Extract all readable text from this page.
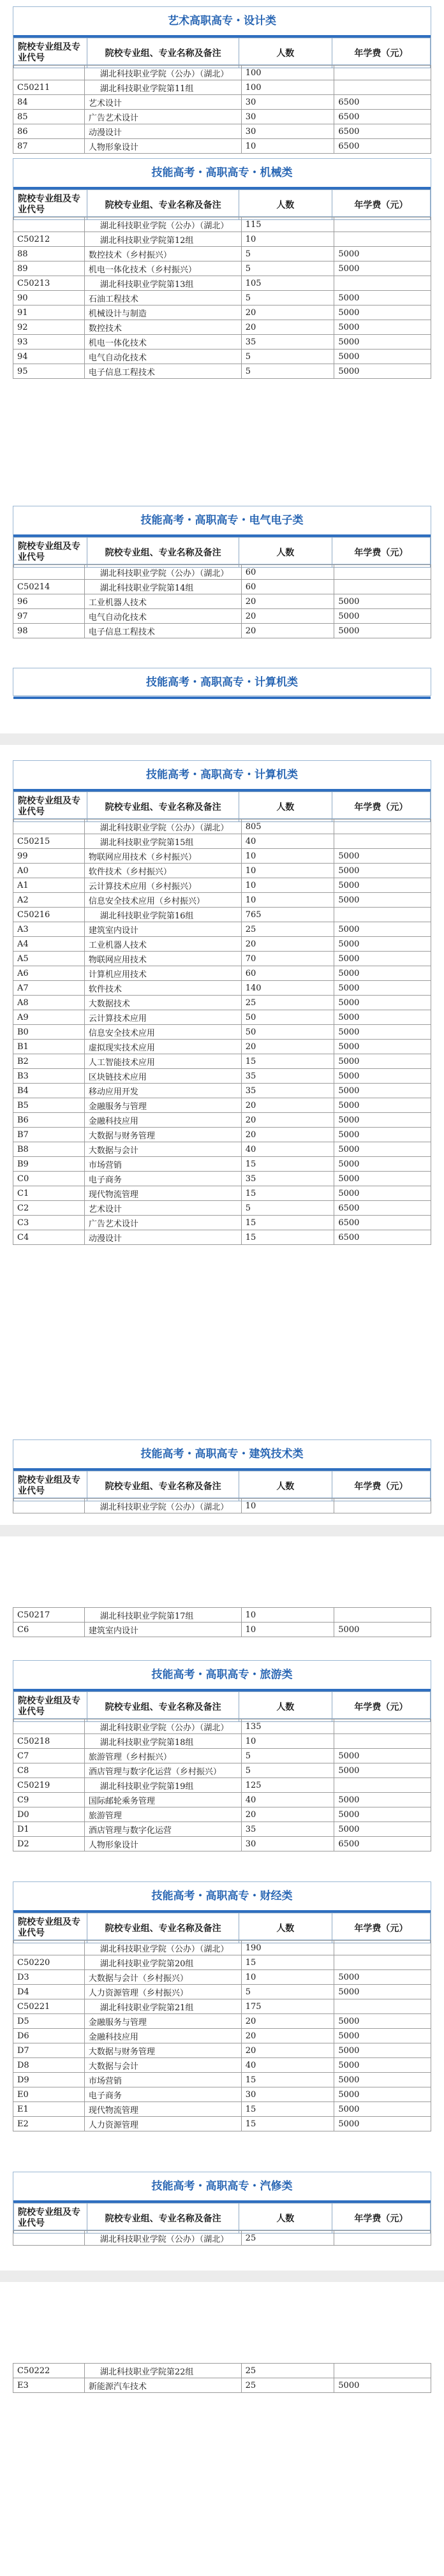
艺术高职高专・设计类
院校专业组及专业代号	院校专业组、专业名称及备注	人数	年学费（元）
	湖北科技职业学院（公办）（湖北）	100	
C50211	湖北科技职业学院第11组	100	
84	艺术设计	30	6500
85	广告艺术设计	30	6500
86	动漫设计	30	6500
87	人物形象设计	10	6500
技能高考・高职高专・机械类
院校专业组及专业代号	院校专业组、专业名称及备注	人数	年学费（元）
	湖北科技职业学院（公办）（湖北）	115	
C50212	湖北科技职业学院第12组	10	
88	数控技术（乡村振兴）	5	5000
89	机电一体化技术（乡村振兴）	5	5000
C50213	湖北科技职业学院第13组	105	
90	石油工程技术	5	5000
91	机械设计与制造	20	5000
92	数控技术	20	5000
93	机电一体化技术	35	5000
94	电气自动化技术	5	5000
95	电子信息工程技术	5	5000
技能高考・高职高专・电气电子类
院校专业组及专业代号	院校专业组、专业名称及备注	人数	年学费（元）
	湖北科技职业学院（公办）（湖北）	60	
C50214	湖北科技职业学院第14组	60	
96	工业机器人技术	20	5000
97	电气自动化技术	20	5000
98	电子信息工程技术	20	5000
技能高考・高职高专・计算机类
技能高考・高职高专・计算机类
院校专业组及专业代号	院校专业组、专业名称及备注	人数	年学费（元）
	湖北科技职业学院（公办）（湖北）	805	
C50215	湖北科技职业学院第15组	40	
99	物联网应用技术（乡村振兴）	10	5000
A0	软件技术（乡村振兴）	10	5000
A1	云计算技术应用（乡村振兴）	10	5000
A2	信息安全技术应用（乡村振兴）	10	5000
C50216	湖北科技职业学院第16组	765	
A3	建筑室内设计	25	5000
A4	工业机器人技术	20	5000
A5	物联网应用技术	70	5000
A6	计算机应用技术	60	5000
A7	软件技术	140	5000
A8	大数据技术	25	5000
A9	云计算技术应用	50	5000
B0	信息安全技术应用	50	5000
B1	虚拟现实技术应用	20	5000
B2	人工智能技术应用	15	5000
B3	区块链技术应用	35	5000
B4	移动应用开发	35	5000
B5	金融服务与管理	20	5000
B6	金融科技应用	20	5000
B7	大数据与财务管理	20	5000
B8	大数据与会计	40	5000
B9	市场营销	15	5000
C0	电子商务	35	5000
C1	现代物流管理	15	5000
C2	艺术设计	5	6500
C3	广告艺术设计	15	6500
C4	动漫设计	15	6500
技能高考・高职高专・建筑技术类
院校专业组及专业代号	院校专业组、专业名称及备注	人数	年学费（元）
	湖北科技职业学院（公办）（湖北）	10	
C50217	湖北科技职业学院第17组	10	
C6	建筑室内设计	10	5000
技能高考・高职高专・旅游类
院校专业组及专业代号	院校专业组、专业名称及备注	人数	年学费（元）
	湖北科技职业学院（公办）（湖北）	135	
C50218	湖北科技职业学院第18组	10	
C7	旅游管理（乡村振兴）	5	5000
C8	酒店管理与数字化运营（乡村振兴）	5	5000
C50219	湖北科技职业学院第19组	125	
C9	国际邮轮乘务管理	40	5000
D0	旅游管理	20	5000
D1	酒店管理与数字化运营	35	5000
D2	人物形象设计	30	6500
技能高考・高职高专・财经类
院校专业组及专业代号	院校专业组、专业名称及备注	人数	年学费（元）
	湖北科技职业学院（公办）（湖北）	190	
C50220	湖北科技职业学院第20组	15	
D3	大数据与会计（乡村振兴）	10	5000
D4	人力资源管理（乡村振兴）	5	5000
C50221	湖北科技职业学院第21组	175	
D5	金融服务与管理	20	5000
D6	金融科技应用	20	5000
D7	大数据与财务管理	20	5000
D8	大数据与会计	40	5000
D9	市场营销	15	5000
E0	电子商务	30	5000
E1	现代物流管理	15	5000
E2	人力资源管理	15	5000
技能高考・高职高专・汽修类
院校专业组及专业代号	院校专业组、专业名称及备注	人数	年学费（元）
	湖北科技职业学院（公办）（湖北）	25	
C50222	湖北科技职业学院第22组	25	
E3	新能源汽车技术	25	5000
